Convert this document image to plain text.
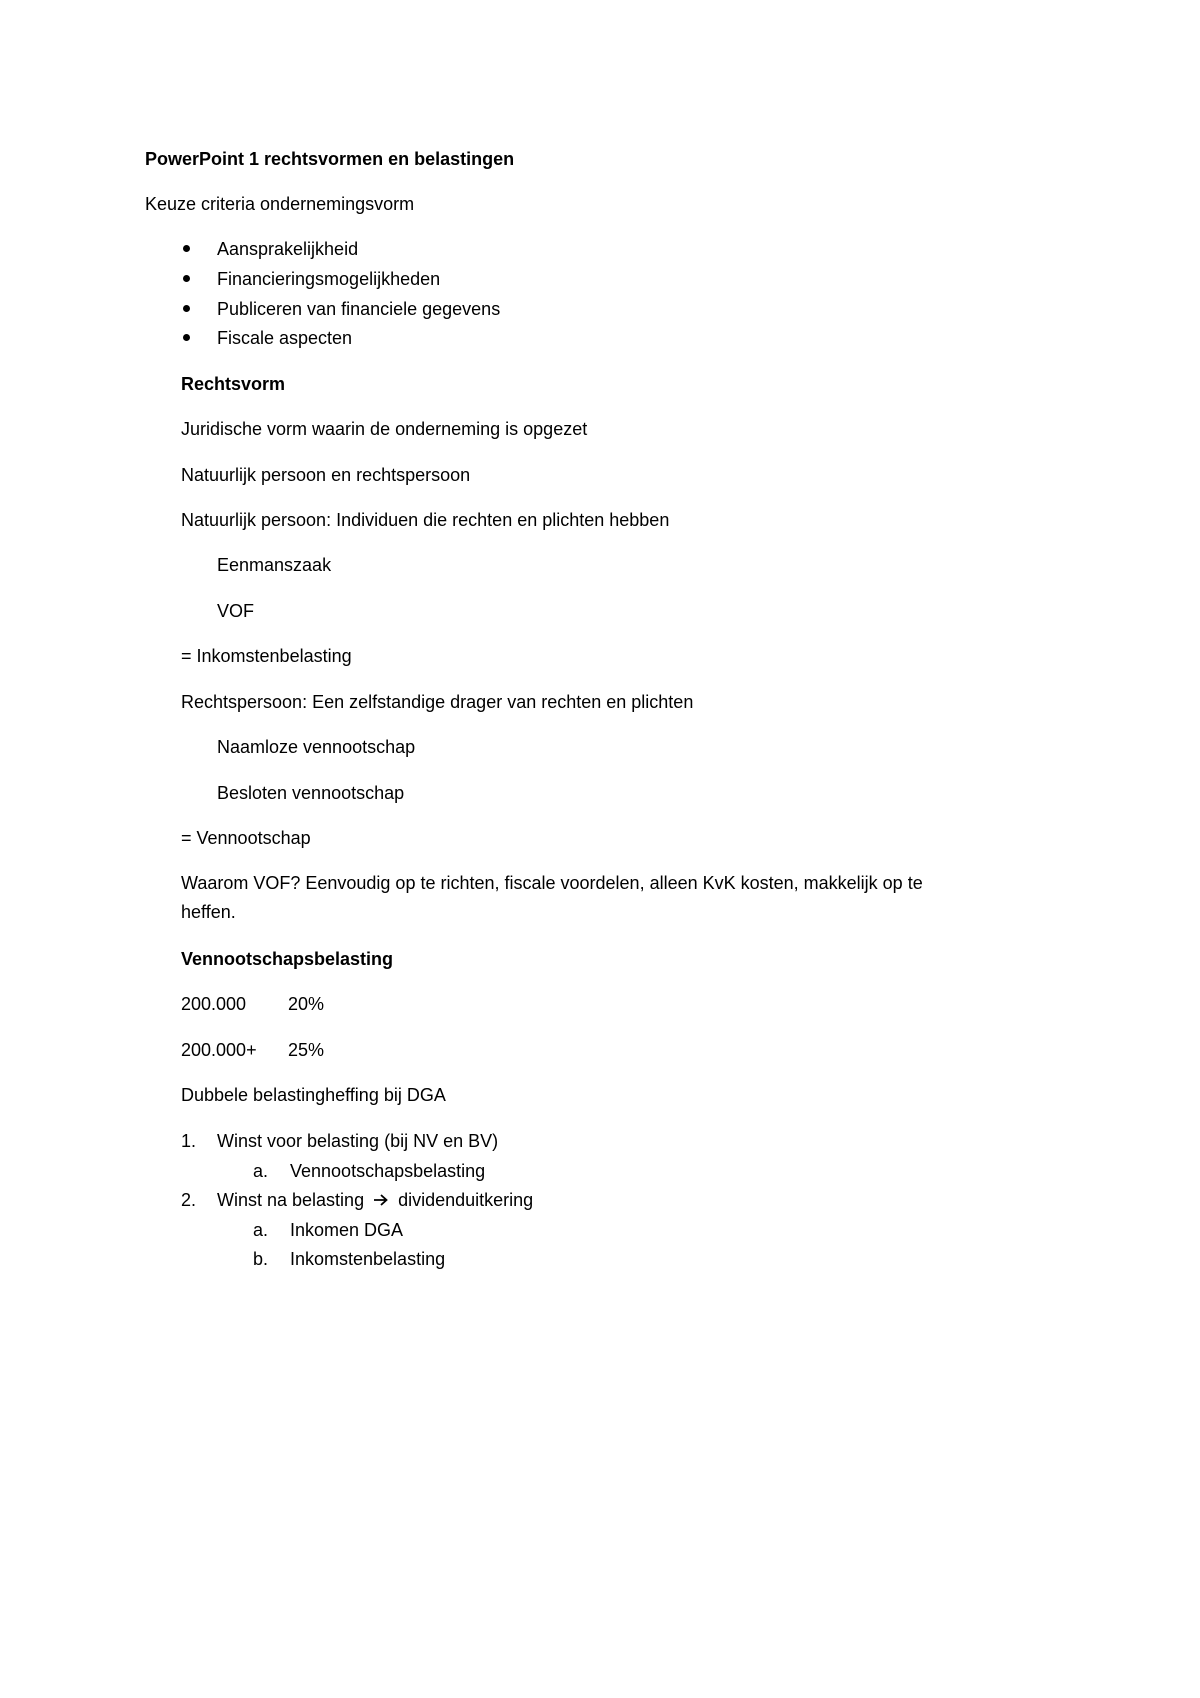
PowerPoint 1 rechtsvormen en belastingen
Keuze criteria ondernemingsvorm
Aansprakelijkheid
Financieringsmogelijkheden
Publiceren van financiele gegevens
Fiscale aspecten
Rechtsvorm
Juridische vorm waarin de onderneming is opgezet
Natuurlijk persoon en rechtspersoon
Natuurlijk persoon: Individuen die rechten en plichten hebben
Eenmanszaak
VOF
= Inkomstenbelasting
Rechtspersoon: Een zelfstandige drager van rechten en plichten
Naamloze vennootschap
Besloten vennootschap
= Vennootschap
Waarom VOF? Eenvoudig op te richten, fiscale voordelen, alleen KvK kosten, makkelijk op te
heffen.
Vennootschapsbelasting
200.000 20%
200.000+ 25%
Dubbele belastingheffing bij DGA
1. Winst voor belasting (bij NV en BV)
a. Vennootschapsbelasting
2. Winst na belasting dividenduitkering
a. Inkomen DGA
b. Inkomstenbelasting
